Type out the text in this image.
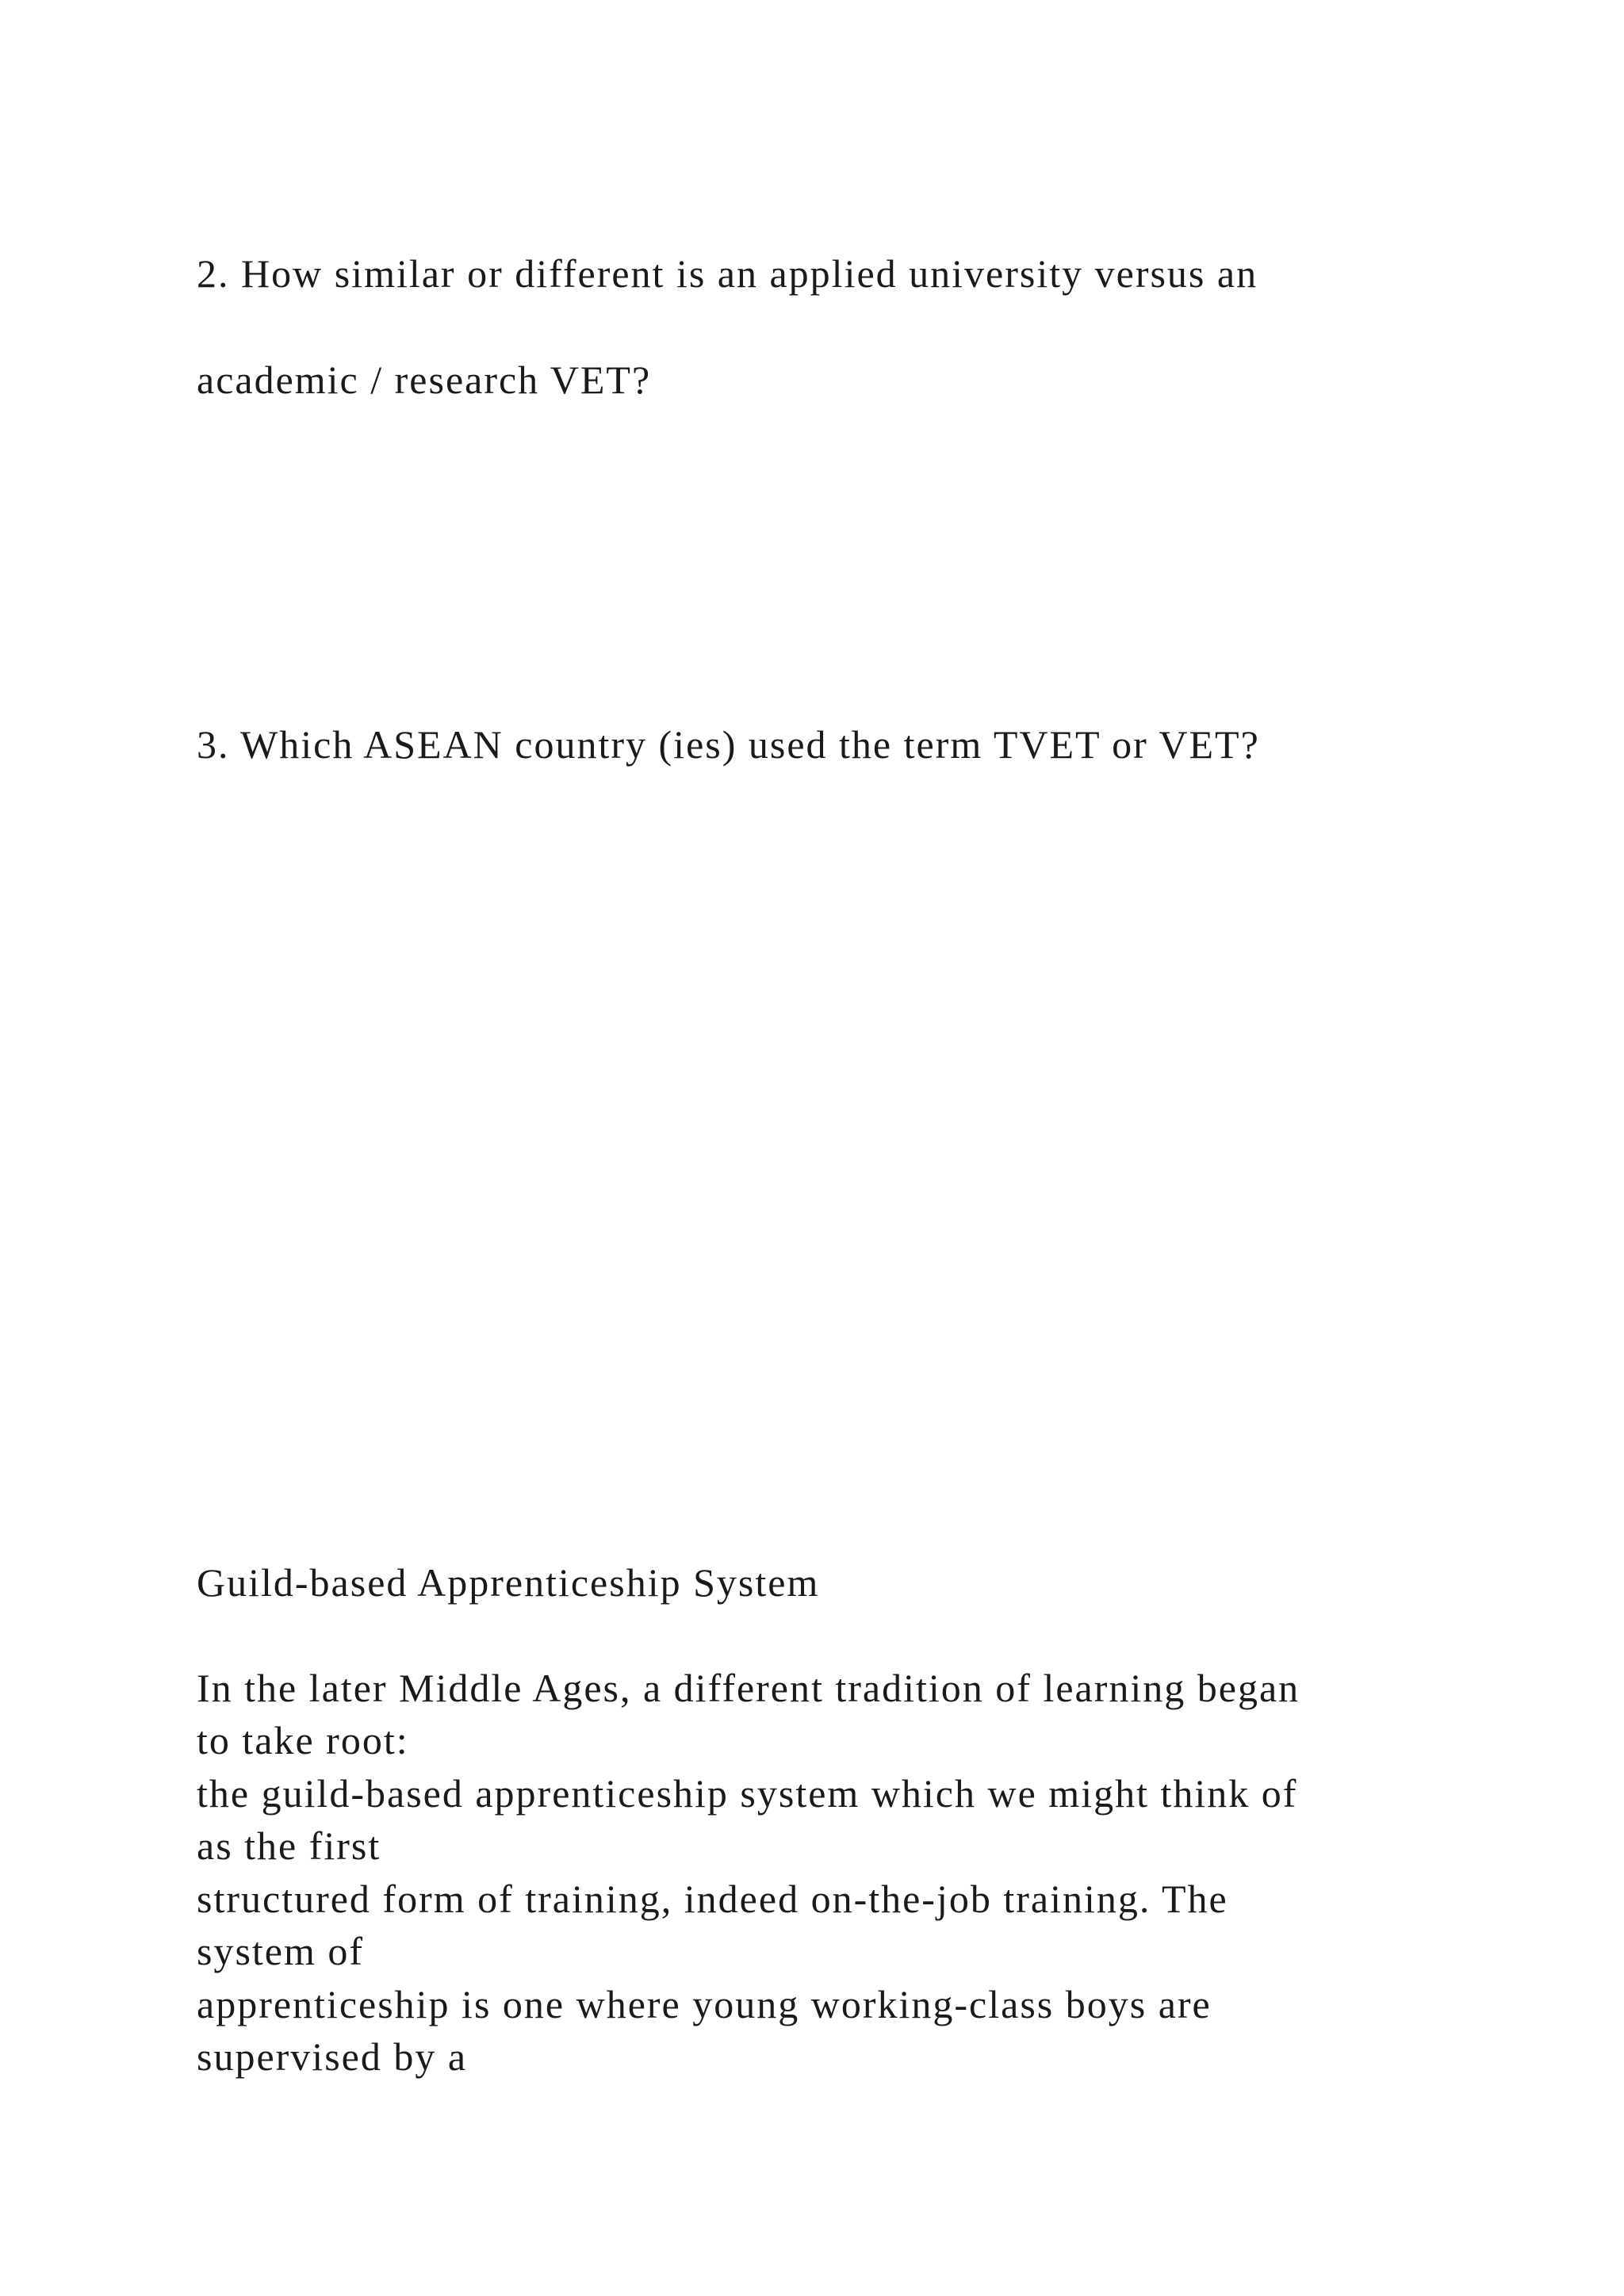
2. How similar or different is an applied university versus an
academic / research VET?
3. Which ASEAN country (ies) used the term TVET or VET?
Guild-based Apprenticeship System
In the later Middle Ages, a different tradition of learning began
to take root:
the guild-based apprenticeship system which we might think of
as the first
structured form of training, indeed on-the-job training. The
system of
apprenticeship is one where young working-class boys are
supervised by a
